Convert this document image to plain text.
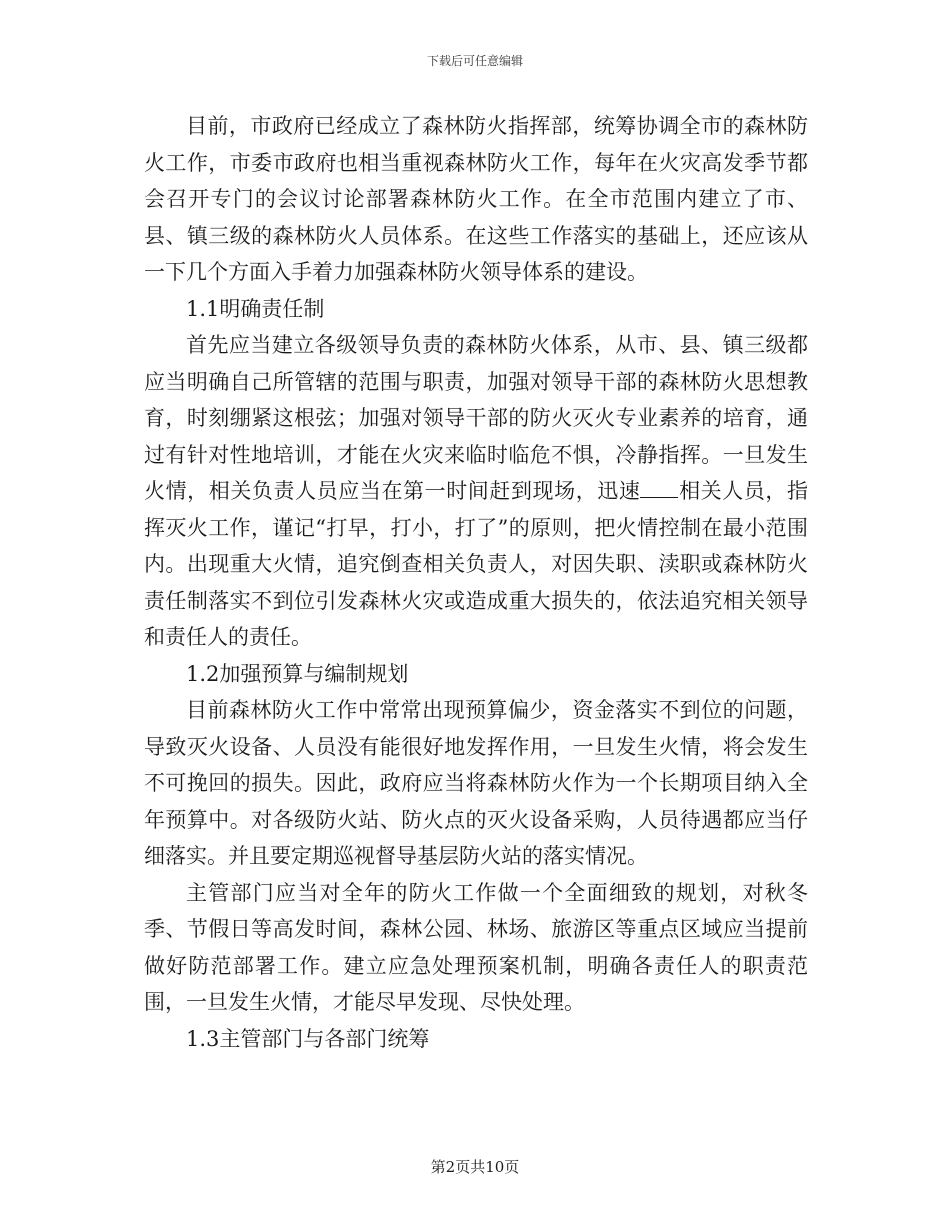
下载后可任意编辑

目前，市政府已经成立了森林防火指挥部，统筹协调全市的森林防火工作，市委市政府也相当重视森林防火工作，每年在火灾高发季节都会召开专门的会议讨论部署森林防火工作。在全市范围内建立了市、县、镇三级的森林防火人员体系。在这些工作落实的基础上，还应该从一下几个方面入手着力加强森林防火领导体系的建设。

1.1明确责任制

首先应当建立各级领导负责的森林防火体系，从市、县、镇三级都应当明确自己所管辖的范围与职责，加强对领导干部的森林防火思想教育，时刻绷紧这根弦；加强对领导干部的防火灭火专业素养的培育，通过有针对性地培训，才能在火灾来临时临危不惧，冷静指挥。一旦发生火情，相关负责人员应当在第一时间赶到现场，迅速 相关人员，指挥灭火工作，谨记“打早，打小，打了”的原则，把火情控制在最小范围内。出现重大火情，追究倒查相关负责人，对因失职、渎职或森林防火责任制落实不到位引发森林火灾或造成重大损失的，依法追究相关领导和责任人的责任。

1.2加强预算与编制规划

目前森林防火工作中常常出现预算偏少，资金落实不到位的问题，导致灭火设备、人员没有能很好地发挥作用，一旦发生火情，将会发生不可挽回的损失。因此，政府应当将森林防火作为一个长期项目纳入全年预算中。对各级防火站、防火点的灭火设备采购，人员待遇都应当仔细落实。并且要定期巡视督导基层防火站的落实情况。

主管部门应当对全年的防火工作做一个全面细致的规划，对秋冬季、节假日等高发时间，森林公园、林场、旅游区等重点区域应当提前做好防范部署工作。建立应急处理预案机制，明确各责任人的职责范围，一旦发生火情，才能尽早发现、尽快处理。

1.3主管部门与各部门统筹

第2页共10页
